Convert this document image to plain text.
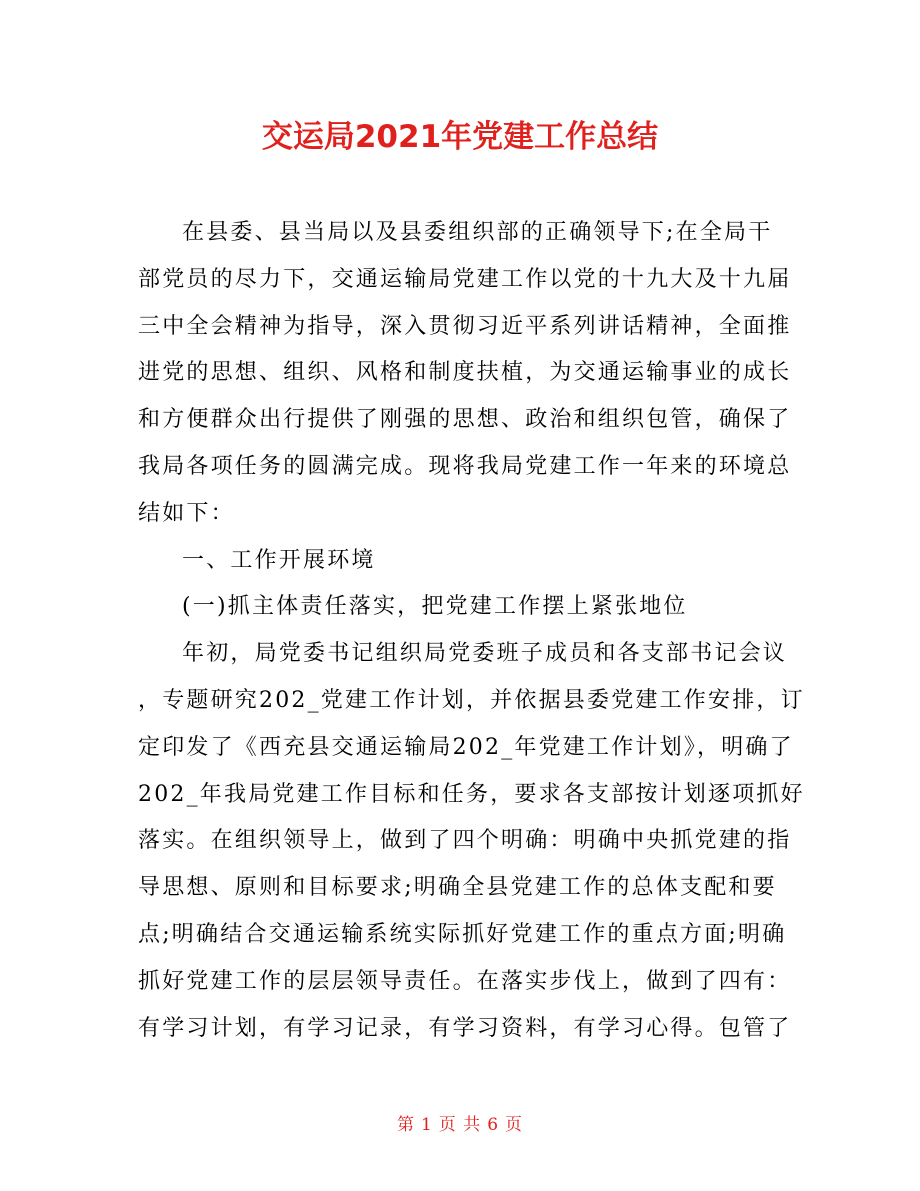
交运局2021年党建工作总结
在县委、县当局以及县委组织部的正确领导下;在全局干
部党员的尽力下，交通运输局党建工作以党的十九大及十九届
三中全会精神为指导，深入贯彻习近平系列讲话精神，全面推
进党的思想、组织、风格和制度扶植，为交通运输事业的成长
和方便群众出行提供了刚强的思想、政治和组织包管，确保了
我局各项任务的圆满完成。现将我局党建工作一年来的环境总
结如下：
一、工作开展环境
(一)抓主体责任落实，把党建工作摆上紧张地位
年初，局党委书记组织局党委班子成员和各支部书记会议
，专题研究202_党建工作计划，并依据县委党建工作安排，订
定印发了《西充县交通运输局202_年党建工作计划》，明确了
202_年我局党建工作目标和任务，要求各支部按计划逐项抓好
落实。在组织领导上，做到了四个明确：明确中央抓党建的指
导思想、原则和目标要求;明确全县党建工作的总体支配和要
点;明确结合交通运输系统实际抓好党建工作的重点方面;明确
抓好党建工作的层层领导责任。在落实步伐上，做到了四有：
有学习计划，有学习记录，有学习资料，有学习心得。包管了
第 1 页 共 6 页
